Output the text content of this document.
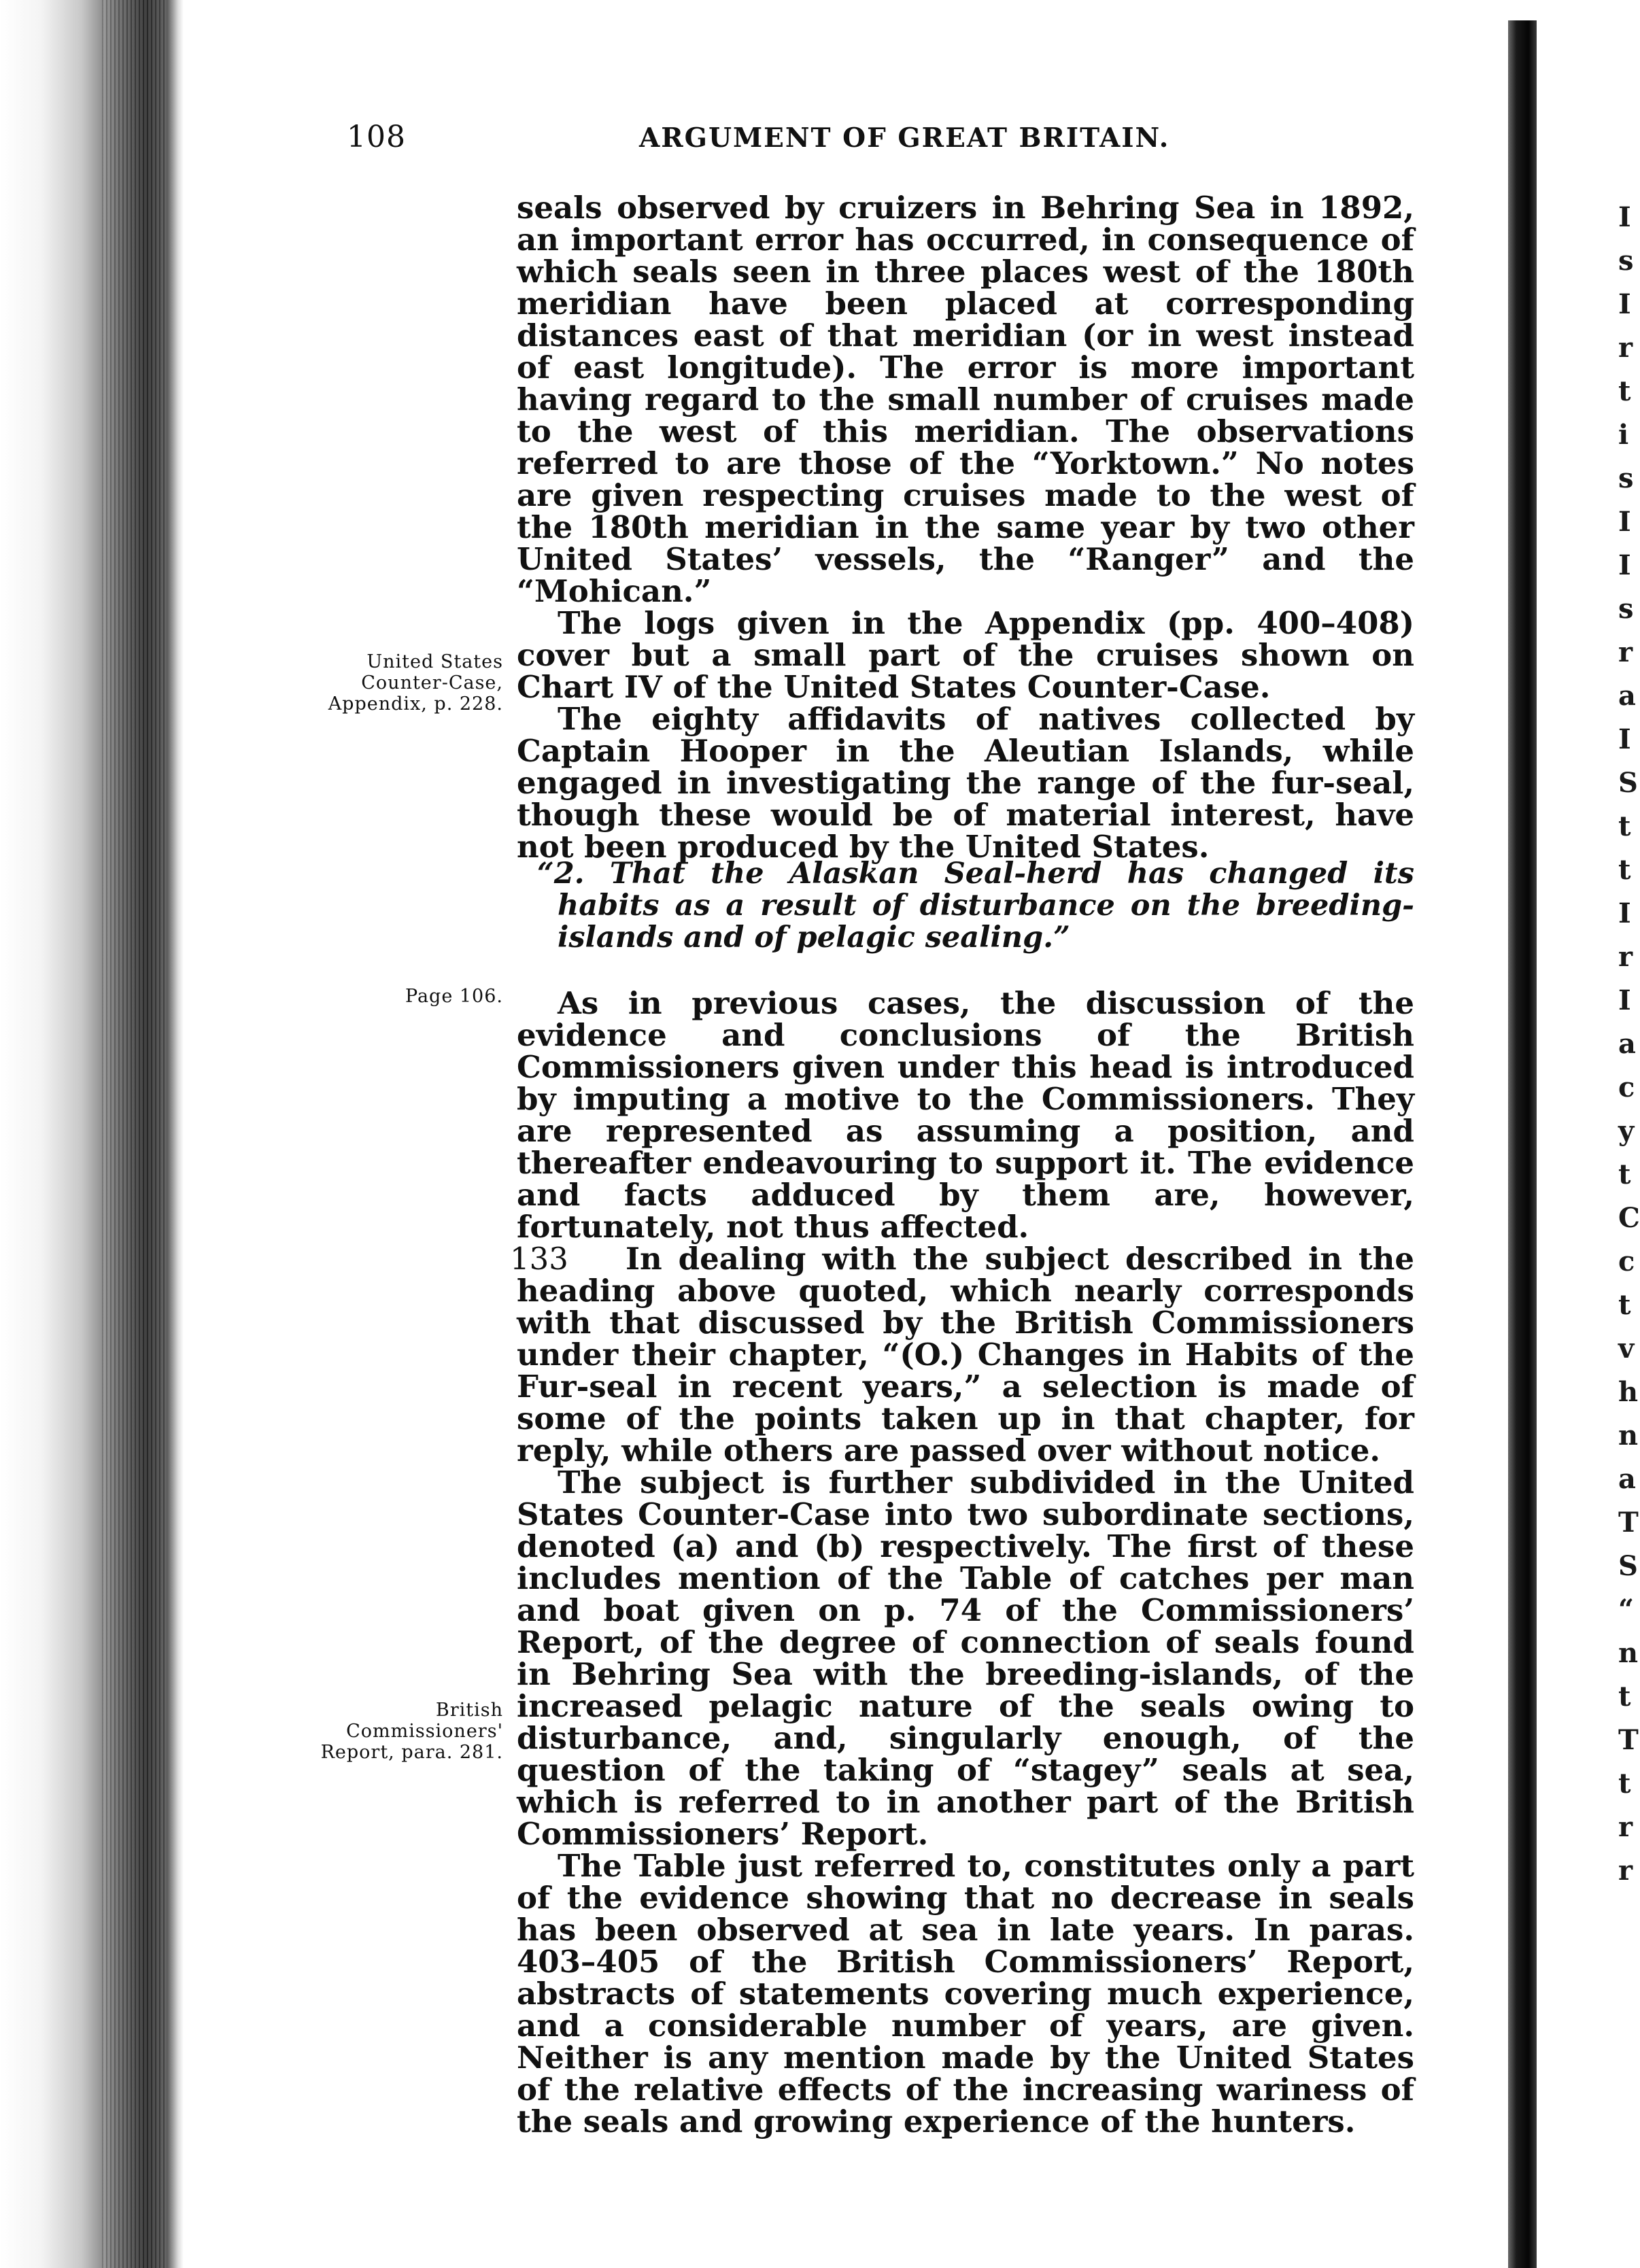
108	ARGUMENT OF GREAT BRITAIN.

seals observed by cruizers in Behring Sea in 1892, an important error has occurred, in consequence of which seals seen in three places west of the 180th meridian have been placed at corresponding distances east of that meridian (or in west instead of east longitude). The error is more important having regard to the small number of cruises made to the west of this meridian. The observations referred to are those of the “Yorktown.” No notes are given respecting cruises made to the west of the 180th meridian in the same year by two other United States’ vessels, the “Ranger” and the “Mohican.”

The logs given in the Appendix (pp. 400–408) cover but a small part of the cruises shown on Chart IV of the United States Counter-Case.

The eighty affidavits of natives collected by Captain Hooper in the Aleutian Islands, while engaged in investigating the range of the fur-seal, though these would be of material interest, have not been produced by the United States.

United States Counter-Case, Appendix, p. 228.

“2. That the Alaskan Seal-herd has changed its habits as a result of disturbance on the breeding-islands and of pelagic sealing.”

Page 106.	As in previous cases, the discussion of the evidence and conclusions of the British Commissioners given under this head is introduced by imputing a motive to the Commissioners. They are represented as assuming a position, and thereafter endeavouring to support it. The evidence and facts adduced by them are, however, fortunately, not thus affected.

133	In dealing with the subject described in the heading above quoted, which nearly corresponds with that discussed by the British Commissioners under their chapter, “(O.) Changes in Habits of the Fur-seal in recent years,” a selection is made of some of the points taken up in that chapter, for reply, while others are passed over without notice.

The subject is further subdivided in the United States Counter-Case into two subordinate sections, denoted (a) and (b) respectively. The first of these includes mention of the Table of catches per man and boat given on p. 74 of the Commissioners’ Report, of the degree of connection of seals found in Behring Sea with the breeding-islands, of the increased pelagic nature of the seals owing to disturbance, and, singularly enough, of the question of the taking of “stagey” seals at sea, which is referred to in another part of the British Commissioners’ Report.

The Table just referred to, constitutes only a part of the evidence showing that no decrease in seals has been observed at sea in late years. In paras. 403–405 of the British Commissioners’ Report, abstracts of statements covering much experience, and a considerable number of years, are given. Neither is any mention made by the United States of the relative effects of the increasing wariness of the seals and growing experience of the hunters.

British Commissioners' Report, para. 281.
I
s
I
r
t
i
s
I
I
s
r
a
I
S
t
t
I
r
I
a
c
y
t
C
c
t
v
h
n
a
T
S
“
n
t
T
t
r
r
